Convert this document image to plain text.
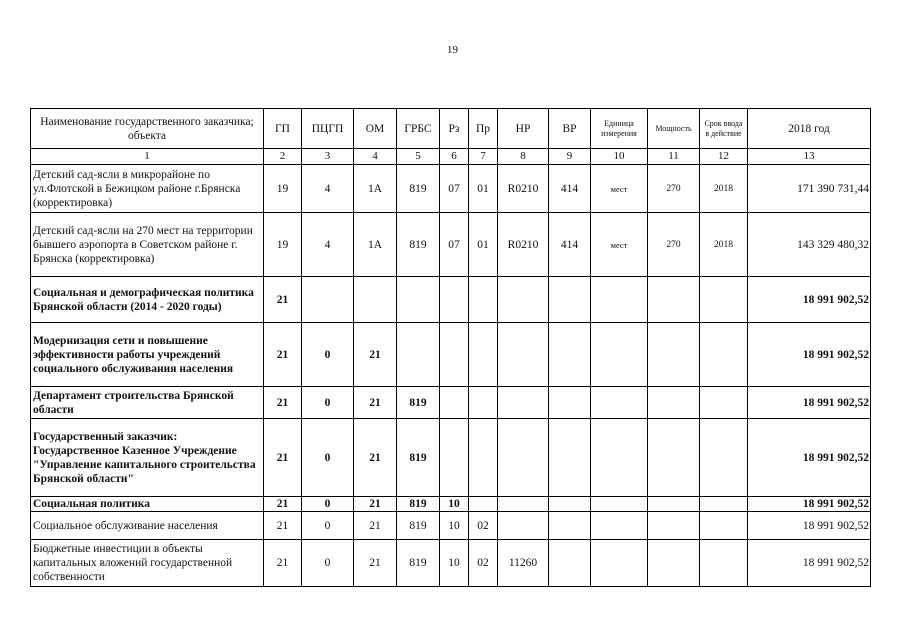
19
Наименование государственного заказчика; объекта	ГП	ПЦГП	ОМ	ГРБС	Рз	Пр	НР	ВР	Единица измерения	Мощность	Срок ввода в действие	2018 год
1	2	3	4	5	6	7	8	9	10	11	12	13
Детский сад-ясли в микрорайоне по ул.Флотской в Бежицком районе г.Брянска (корректировка)	19	4	1А	819	07	01	R0210	414	мест	270	2018	171 390 731,44
Детский сад-ясли на 270 мест на территории бывшего аэропорта в Советском районе г. Брянска (корректировка)	19	4	1А	819	07	01	R0210	414	мест	270	2018	143 329 480,32
Социальная и демографическая политика Брянской области (2014 - 2020 годы)	21											18 991 902,52
Модернизация сети и повышение эффективности работы учреждений социального обслуживания населения	21	0	21									18 991 902,52
Департамент строительства Брянской области	21	0	21	819								18 991 902,52
Государственный заказчик: Государственное Казенное Учреждение "Управление капитального строительства Брянской области"	21	0	21	819								18 991 902,52
Социальная политика	21	0	21	819	10							18 991 902,52
Социальное обслуживание населения	21	0	21	819	10	02						18 991 902,52
Бюджетные инвестиции в объекты капитальных вложений государственной собственности	21	0	21	819	10	02	11260					18 991 902,52
